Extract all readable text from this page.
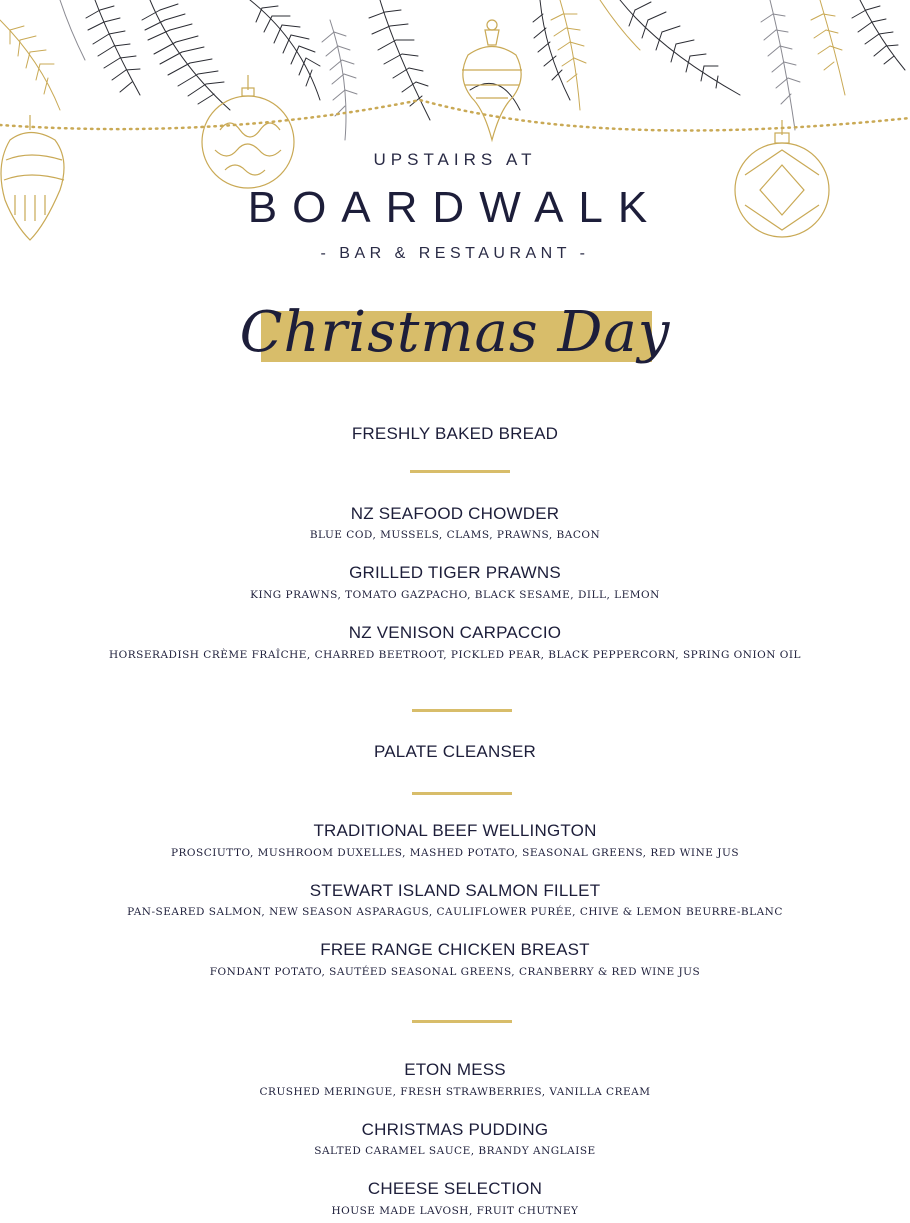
UPSTAIRS AT
BOARDWALK
- BAR & RESTAURANT -
Christmas Day
FRESHLY BAKED BREAD
NZ SEAFOOD CHOWDER
BLUE COD, MUSSELS, CLAMS, PRAWNS, BACON
GRILLED TIGER PRAWNS
KING PRAWNS, TOMATO GAZPACHO, BLACK SESAME, DILL, LEMON
NZ VENISON CARPACCIO
HORSERADISH CRÈME FRAÎCHE, CHARRED BEETROOT, PICKLED PEAR, BLACK PEPPERCORN, SPRING ONION OIL
PALATE CLEANSER
TRADITIONAL BEEF WELLINGTON
PROSCIUTTO, MUSHROOM DUXELLES, MASHED POTATO, SEASONAL GREENS, RED WINE JUS
STEWART ISLAND SALMON FILLET
PAN-SEARED SALMON, NEW SEASON ASPARAGUS, CAULIFLOWER PURÉE, CHIVE & LEMON BEURRE-BLANC
FREE RANGE CHICKEN BREAST
FONDANT POTATO, SAUTÉED SEASONAL GREENS, CRANBERRY & RED WINE JUS
ETON MESS
CRUSHED MERINGUE, FRESH STRAWBERRIES, VANILLA CREAM
CHRISTMAS PUDDING
SALTED CARAMEL SAUCE, BRANDY ANGLAISE
CHEESE SELECTION
HOUSE MADE LAVOSH, FRUIT CHUTNEY
